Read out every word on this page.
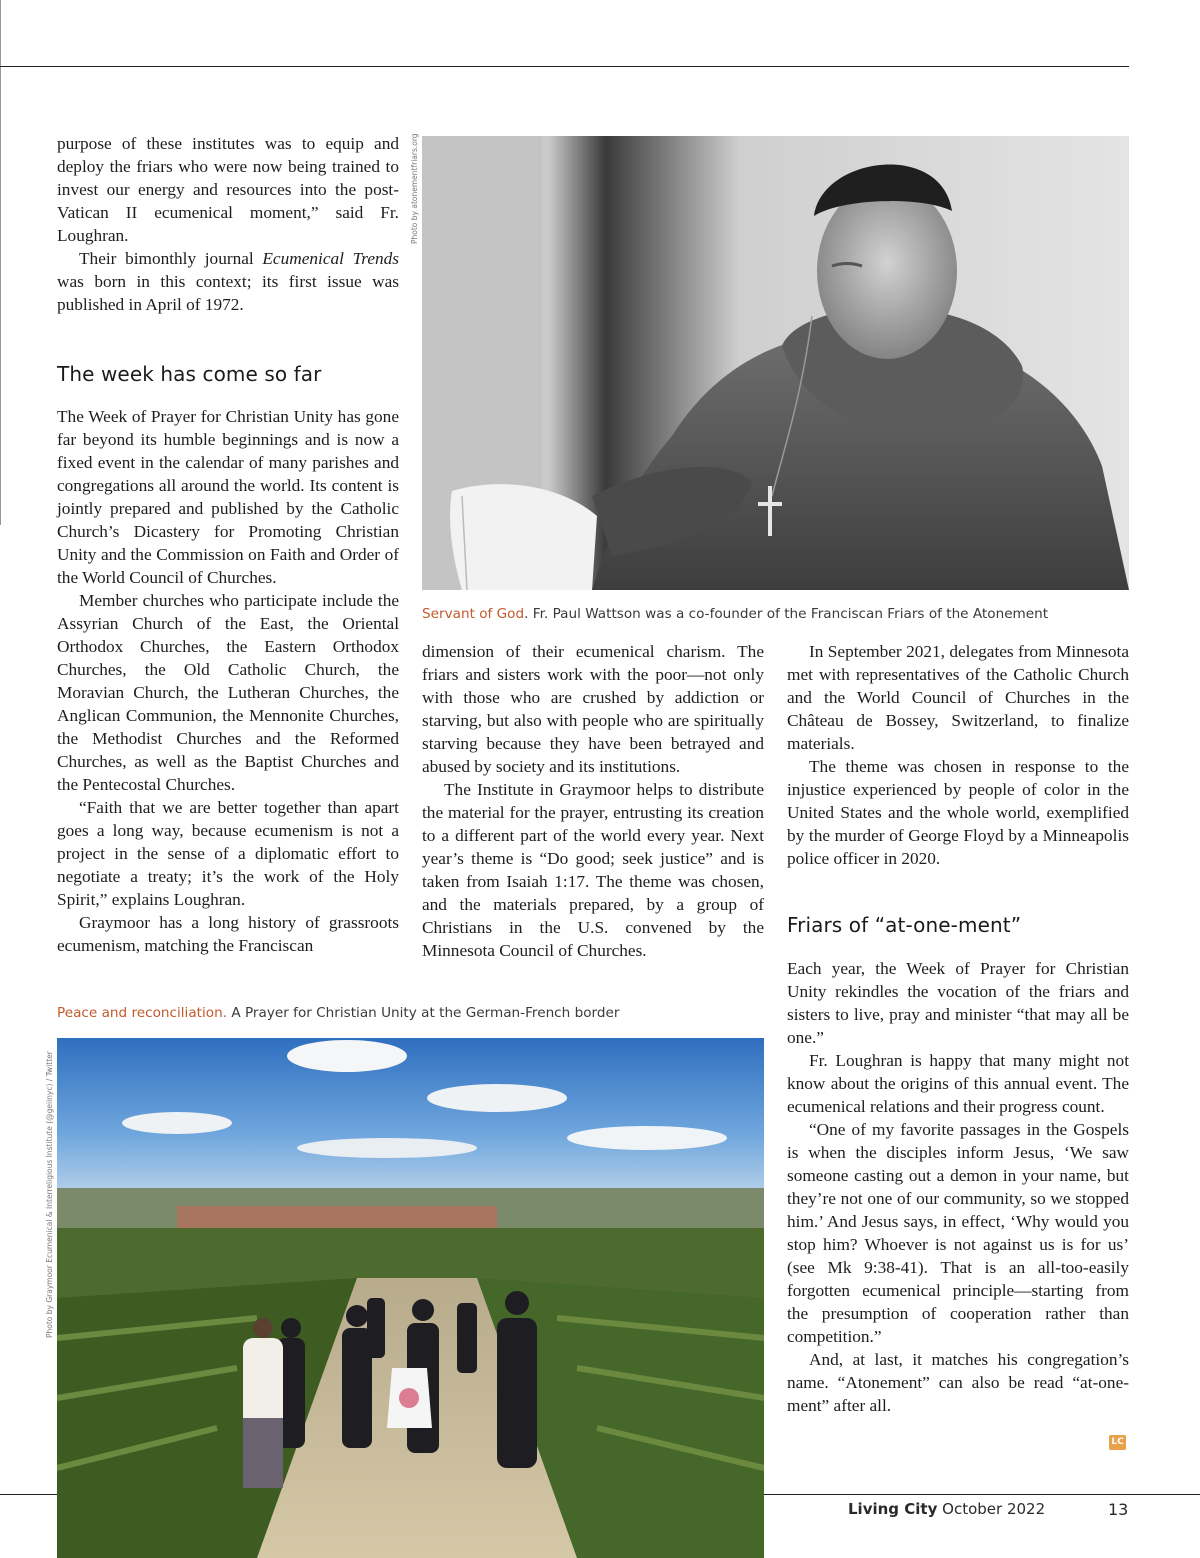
purpose of these institutes was to equip and deploy the friars who were now being trained to invest our energy and resources into the post-Vatican II ecumenical moment,” said Fr. Loughran.

Their bimonthly journal Ecumenical Trends was born in this context; its first issue was published in April of 1972.

The week has come so far

The Week of Prayer for Christian Unity has gone far beyond its humble beginnings and is now a fixed event in the calendar of many parishes and congregations all around the world. Its content is jointly prepared and published by the Catholic Church’s Dicastery for Promoting Christian Unity and the Commission on Faith and Order of the World Council of Churches.

Member churches who participate include the Assyrian Church of the East, the Oriental Orthodox Churches, the Eastern Orthodox Churches, the Old Catholic Church, the Moravian Church, the Lutheran Churches, the Anglican Communion, the Mennonite Churches, the Methodist Churches and the Reformed Churches, as well as the Baptist Churches and the Pentecostal Churches.

“Faith that we are better together than apart goes a long way, because ecumenism is not a project in the sense of a diplomatic effort to negotiate a treaty; it’s the work of the Holy Spirit,” explains Loughran.

Graymoor has a long history of grassroots ecumenism, matching the Franciscan

Photo by atonementfriars.org

Servant of God. Fr. Paul Wattson was a co-founder of the Franciscan Friars of the Atonement

dimension of their ecumenical charism. The friars and sisters work with the poor—not only with those who are crushed by addiction or starving, but also with people who are spiritually starving because they have been betrayed and abused by society and its institutions.

The Institute in Graymoor helps to distribute the material for the prayer, entrusting its creation to a different part of the world every year. Next year’s theme is “Do good; seek justice” and is taken from Isaiah 1:17. The theme was chosen, and the materials prepared, by a group of Christians in the U.S. convened by the Minnesota Council of Churches.

In September 2021, delegates from Minnesota met with representatives of the Catholic Church and the World Council of Churches in the Château de Bossey, Switzerland, to finalize materials.

The theme was chosen in response to the injustice experienced by people of color in the United States and the whole world, exemplified by the murder of George Floyd by a Minneapolis police officer in 2020.

Friars of “at-one-ment”

Each year, the Week of Prayer for Christian Unity rekindles the vocation of the friars and sisters to live, pray and minister “that may all be one.”

Fr. Loughran is happy that many might not know about the origins of this annual event. The ecumenical relations and their progress count.

“One of my favorite passages in the Gospels is when the disciples inform Jesus, ‘We saw someone casting out a demon in your name, but they’re not one of our community, so we stopped him.’ And Jesus says, in effect, ‘Why would you stop him? Whoever is not against us is for us’ (see Mk 9:38-41). That is an all-too-easily forgotten ecumenical principle—starting from the presumption of cooperation rather than competition.”

And, at last, it matches his congregation’s name. “Atonement” can also be read “at-one-ment” after all.

LC

Peace and reconciliation. A Prayer for Christian Unity at the German-French border

Photo by Graymoor Ecumenical & Interreligious Institute (@geiinyc) / Twitter
Living City October 2022	13
